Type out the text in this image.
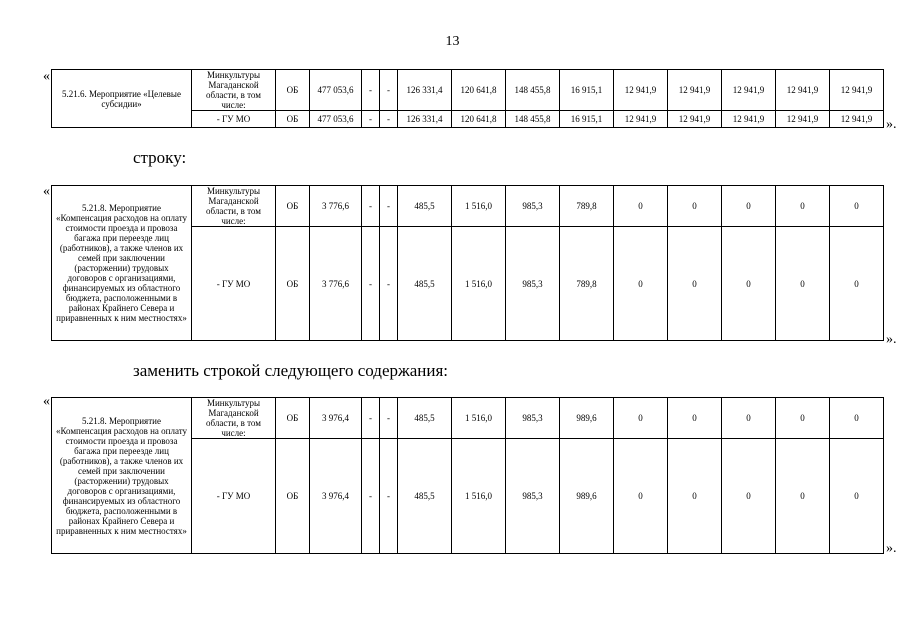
13
«
5.21.6. Мероприятие «Целевые субсидии»	Минкультуры Магаданской области, в том числе:	ОБ	477 053,6	-	-	126 331,4	120 641,8	148 455,8	16 915,1	12 941,9	12 941,9	12 941,9	12 941,9	12 941,9
	- ГУ МО	ОБ	477 053,6	-	-	126 331,4	120 641,8	148 455,8	16 915,1	12 941,9	12 941,9	12 941,9	12 941,9	12 941,9 ».
строку:
«
5.21.8. Мероприятие «Компенсация расходов на оплату стоимости проезда и провоза багажа при переезде лиц (работников), а также членов их семей при заключении (расторжении) трудовых договоров с организациями, финансируемых из областного бюджета, расположенными в районах Крайнего Севера и приравненных к ним местностях»	Минкультуры Магаданской области, в том числе:	ОБ	3 776,6	-	-	485,5	1 516,0	985,3	789,8	0	0	0	0	0
	- ГУ МО	ОБ	3 776,6	-	-	485,5	1 516,0	985,3	789,8	0	0	0	0	0
».
заменить строкой следующего содержания:
«
5.21.8. Мероприятие «Компенсация расходов на оплату стоимости проезда и провоза багажа при переезде лиц (работников), а также членов их семей при заключении (расторжении) трудовых договоров с организациями, финансируемых из областного бюджета, расположенными в районах Крайнего Севера и приравненных к ним местностях»	Минкультуры Магаданской области, в том числе:	ОБ	3 976,4	-	-	485,5	1 516,0	985,3	989,6	0	0	0	0	0
	- ГУ МО	ОБ	3 976,4	-	-	485,5	1 516,0	985,3	989,6	0	0	0	0	0
».
